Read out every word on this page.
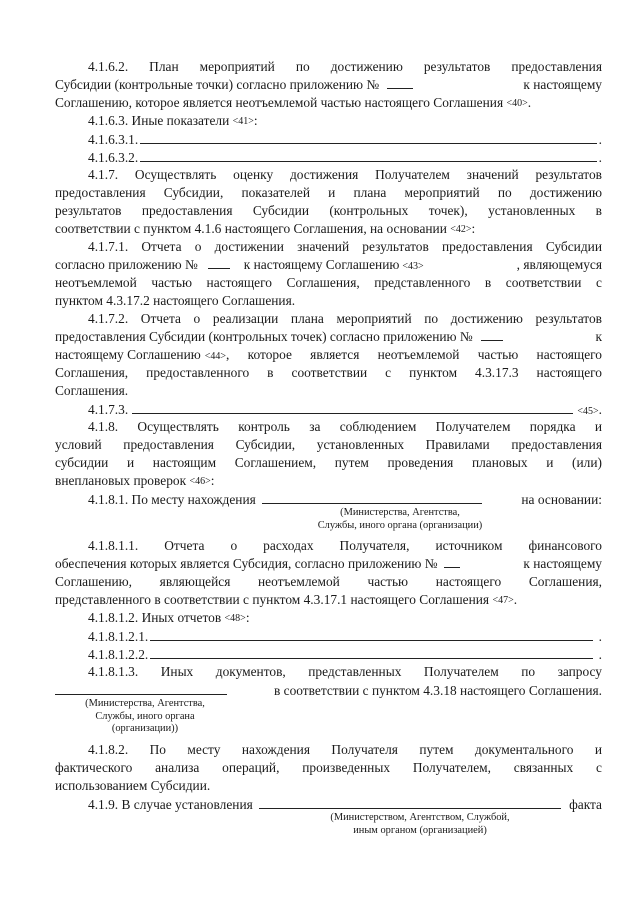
4.1.6.2. План мероприятий по достижению результатов предоставления
Субсидии (контрольные точки) согласно приложению №	к настоящему
Соглашению, которое является неотъемлемой частью настоящего Соглашения <40>.
4.1.6.3. Иные показатели <41>:
4.1.6.3.1.	.
4.1.6.3.2.	.
4.1.7. Осуществлять оценку достижения Получателем значений результатов
предоставления Субсидии, показателей и плана мероприятий по достижению
результатов предоставления Субсидии (контрольных точек), установленных в
соответствии с пунктом 4.1.6 настоящего Соглашения, на основании <42>:
4.1.7.1. Отчета о достижении значений результатов предоставления Субсидии
согласно приложению №	к настоящему Соглашению <43>	, являющемуся
неотъемлемой частью настоящего Соглашения, представленного в соответствии с
пунктом 4.3.17.2 настоящего Соглашения.
4.1.7.2. Отчета о реализации плана мероприятий по достижению результатов
предоставления Субсидии (контрольных точек) согласно приложению №	к
настоящему Соглашению <44> , которое является неотъемлемой частью настоящего
Соглашения, предоставленного в соответствии с пунктом 4.3.17.3 настоящего
Соглашения.
4.1.7.3.	<45> .
4.1.8. Осуществлять контроль за соблюдением Получателем порядка и
условий предоставления Субсидии, установленных Правилами предоставления
субсидии и настоящим Соглашением, путем проведения плановых и (или)
внеплановых проверок <46>:
4.1.8.1. По месту нахождения	на основании:
(Министерства, Агентства,
Службы, иного органа (организации)
4.1.8.1.1. Отчета о расходах Получателя, источником финансового
обеспечения которых является Субсидия, согласно приложению №	к настоящему
Соглашению, являющейся неотъемлемой частью настоящего Соглашения,
представленного в соответствии с пунктом 4.3.17.1 настоящего Соглашения <47>.
4.1.8.1.2. Иных отчетов <48>:
4.1.8.1.2.1.	.
4.1.8.1.2.2.	.
4.1.8.1.3. Иных документов, представленных Получателем по запросу
в соответствии с пунктом 4.3.18 настоящего Соглашения.
(Министерства, Агентства,
Службы, иного органа
(организации))
4.1.8.2. По месту нахождения Получателя путем документального и
фактического анализа операций, произведенных Получателем, связанных с
использованием Субсидии.
4.1.9. В случае установления	факта
(Министерством, Агентством, Службой,
иным органом (организацией)
